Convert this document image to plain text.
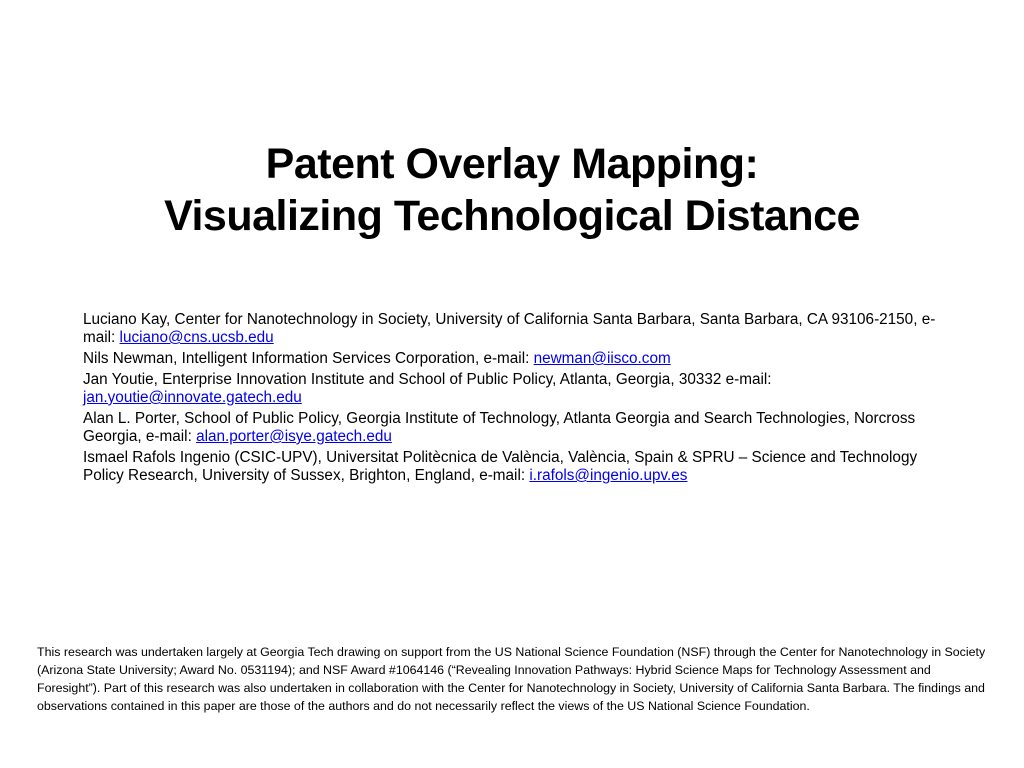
Patent Overlay Mapping:
Visualizing Technological Distance
Luciano Kay, Center for Nanotechnology in Society, University of California Santa Barbara, Santa Barbara, CA 93106-2150, e-mail: luciano@cns.ucsb.edu
Nils Newman, Intelligent Information Services Corporation, e-mail: newman@iisco.com
Jan Youtie, Enterprise Innovation Institute and School of Public Policy, Atlanta, Georgia, 30332 e-mail: jan.youtie@innovate.gatech.edu
Alan L. Porter, School of Public Policy, Georgia Institute of Technology, Atlanta Georgia and Search Technologies, Norcross Georgia, e-mail: alan.porter@isye.gatech.edu
Ismael Rafols Ingenio (CSIC-UPV), Universitat Politècnica de València, València, Spain & SPRU – Science and Technology Policy Research, University of Sussex, Brighton, England, e-mail: i.rafols@ingenio.upv.es
This research was undertaken largely at Georgia Tech drawing on support from the US National Science Foundation (NSF) through the Center for Nanotechnology in Society (Arizona State University; Award No. 0531194); and NSF Award #1064146 (“Revealing Innovation Pathways: Hybrid Science Maps for Technology Assessment and Foresight”). Part of this research was also undertaken in collaboration with the Center for Nanotechnology in Society, University of California Santa Barbara. The findings and observations contained in this paper are those of the authors and do not necessarily reflect the views of the US National Science Foundation.
